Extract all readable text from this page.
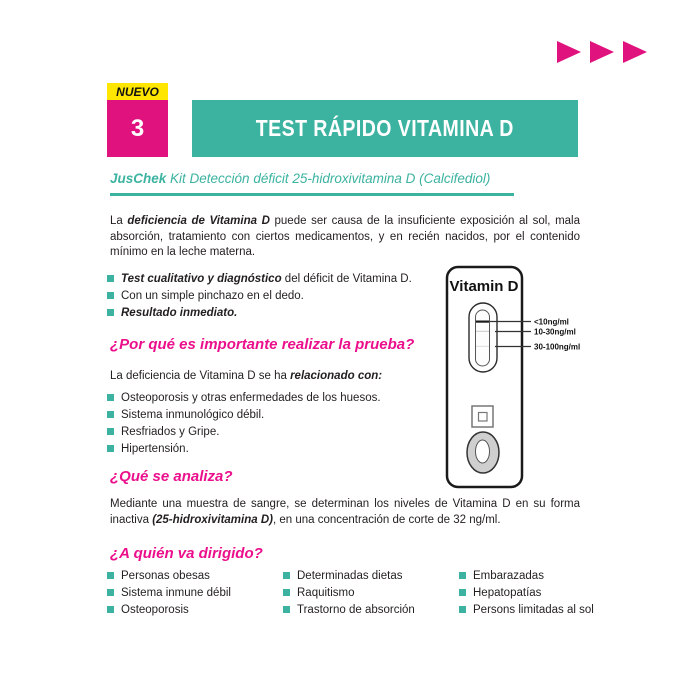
NUEVO
3	TEST RÁPIDO VITAMINA D
JusChek Kit Detección déficit 25-hidroxivitamina D (Calcifediol)

La deficiencia de Vitamina D puede ser causa de la insuficiente exposición al sol, mala absorción, tratamiento con ciertos medicamentos, y en recién nacidos, por el contenido mínimo en la leche materna.

Test cualitativo y diagnóstico del déficit de Vitamina D.
Con un simple pinchazo en el dedo.
Resultado inmediato.
¿Por qué es importante realizar la prueba?

La deficiencia de Vitamina D se ha relacionado con:

Osteoporosis y otras enfermedades de los huesos.
Sistema inmunológico débil.
Resfriados y Gripe.
Hipertensión.
¿Qué se analiza?

Mediante una muestra de sangre, se determinan los niveles de Vitamina D en su forma inactiva (25-hidroxivitamina D), en una concentración de corte de 32 ng/ml.

¿A quién va dirigido?
Personas obesas
Sistema inmune débil
Osteoporosis
Determinadas dietas
Raquitismo
Trastorno de absorción
Embarazadas
Hepatopatías
Persons limitadas al sol
Vitamin D
<10ng/ml
10-30ng/ml
30-100ng/ml
